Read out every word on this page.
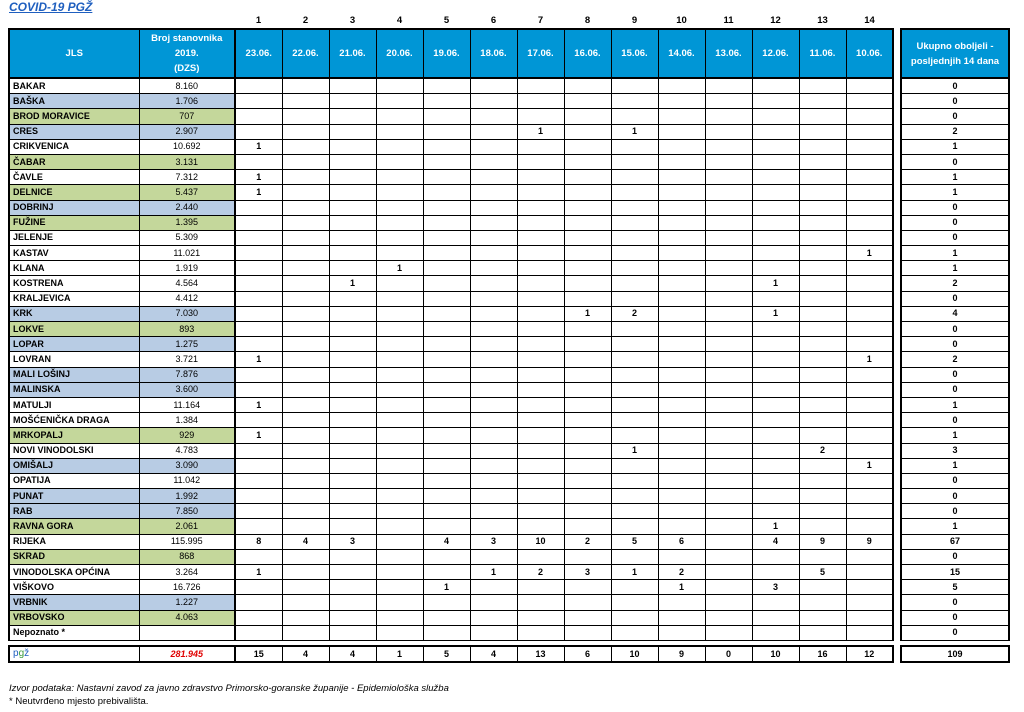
COVID-19 PGŽ
		1	2	3	4	5	6	7	8	9	10	11	12	13	14		
JLS	Broj stanovnika
2019.
(DZS)	23.06.	22.06.	21.06.	20.06.	19.06.	18.06.	17.06.	16.06.	15.06.	14.06.	13.06.	12.06.	11.06.	10.06.		Ukupno oboljeli -
posljednjih 14 dana
BAKAR	8.160																0
BAŠKA	1.706																0
BROD MORAVICE	707																0
CRES	2.907							1		1							2
CRIKVENICA	10.692	1															1
ČABAR	3.131																0
ČAVLE	7.312	1															1
DELNICE	5.437	1															1
DOBRINJ	2.440																0
FUŽINE	1.395																0
JELENJE	5.309																0
KASTAV	11.021														1		1
KLANA	1.919				1												1
KOSTRENA	4.564			1									1				2
KRALJEVICA	4.412																0
KRK	7.030								1	2			1				4
LOKVE	893																0
LOPAR	1.275																0
LOVRAN	3.721	1													1		2
MALI LOŠINJ	7.876																0
MALINSKA	3.600																0
MATULJI	11.164	1															1
MOŠĆENIČKA DRAGA	1.384																0
MRKOPALJ	929	1															1
NOVI VINODOLSKI	4.783									1				2			3
OMIŠALJ	3.090														1		1
OPATIJA	11.042																0
PUNAT	1.992																0
RAB	7.850																0
RAVNA GORA	2.061												1				1
RIJEKA	115.995	8	4	3		4	3	10	2	5	6		4	9	9		67
SKRAD	868																0
VINODOLSKA OPĆINA	3.264	1					1	2	3	1	2			5			15
VIŠKOVO	16.726					1					1		3				5
VRBNIK	1.227																0
VRBOVSKO	4.063																0
Nepoznato *																	0

pgž	281.945	15	4	4	1	5	4	13	6	10	9	0	10	16	12		109
Izvor podataka: Nastavni zavod za javno zdravstvo Primorsko-goranske županije - Epidemiološka služba
* Neutvrđeno mjesto prebivališta.
